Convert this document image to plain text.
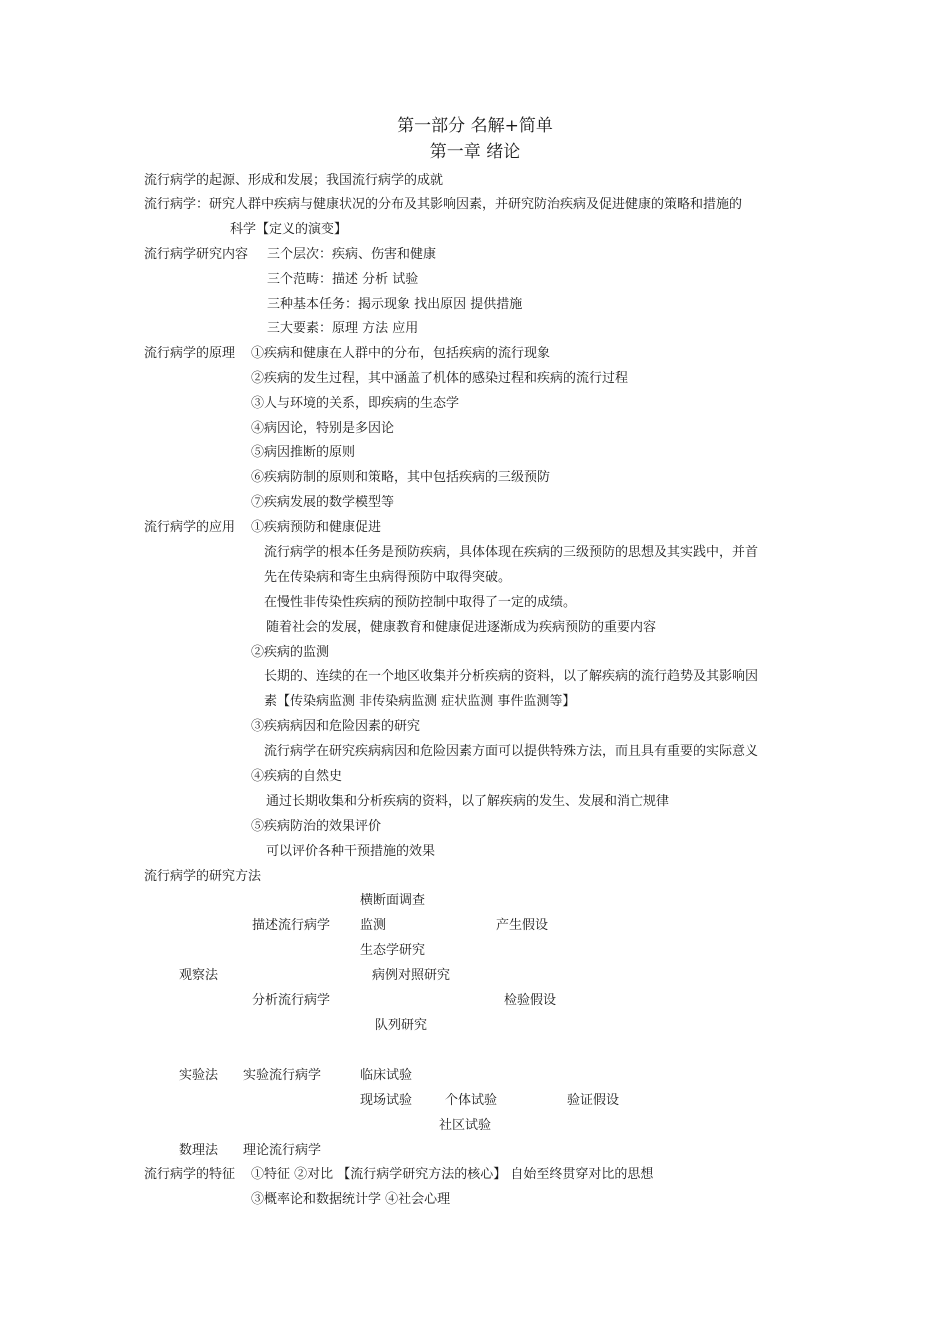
第一部分 名解+简单
第一章 绪论
流行病学的起源、形成和发展；我国流行病学的成就
流行病学：研究人群中疾病与健康状况的分布及其影响因素，并研究防治疾病及促进健康的策略和措施的
科学【定义的演变】
流行病学研究内容 三个层次：疾病、伤害和健康
三个范畴：描述 分析 试验
三种基本任务：揭示现象 找出原因 提供措施
三大要素：原理 方法 应用
流行病学的原理 ①疾病和健康在人群中的分布，包括疾病的流行现象
②疾病的发生过程，其中涵盖了机体的感染过程和疾病的流行过程
③人与环境的关系，即疾病的生态学
④病因论，特别是多因论
⑤病因推断的原则
⑥疾病防制的原则和策略，其中包括疾病的三级预防
⑦疾病发展的数学模型等
流行病学的应用 ①疾病预防和健康促进
流行病学的根本任务是预防疾病，具体体现在疾病的三级预防的思想及其实践中，并首
先在传染病和寄生虫病得预防中取得突破。
在慢性非传染性疾病的预防控制中取得了一定的成绩。
随着社会的发展，健康教育和健康促进逐渐成为疾病预防的重要内容
②疾病的监测
长期的、连续的在一个地区收集并分析疾病的资料，以了解疾病的流行趋势及其影响因
素【传染病监测 非传染病监测 症状监测 事件监测等】
③疾病病因和危险因素的研究
流行病学在研究疾病病因和危险因素方面可以提供特殊方法，而且具有重要的实际意义
④疾病的自然史
通过长期收集和分析疾病的资料，以了解疾病的发生、发展和消亡规律
⑤疾病防治的效果评价
可以评价各种干预措施的效果
流行病学的研究方法
横断面调查
描述流行病学 监测	产生假设
生态学研究
观察法	病例对照研究
分析流行病学	检验假设
队列研究
实验法 实验流行病学	临床试验
现场试验	个体试验	验证假设
社区试验
数理法 理论流行病学
流行病学的特征 ①特征 ②对比 【流行病学研究方法的核心】 自始至终贯穿对比的思想
③概率论和数据统计学 ④社会心理
